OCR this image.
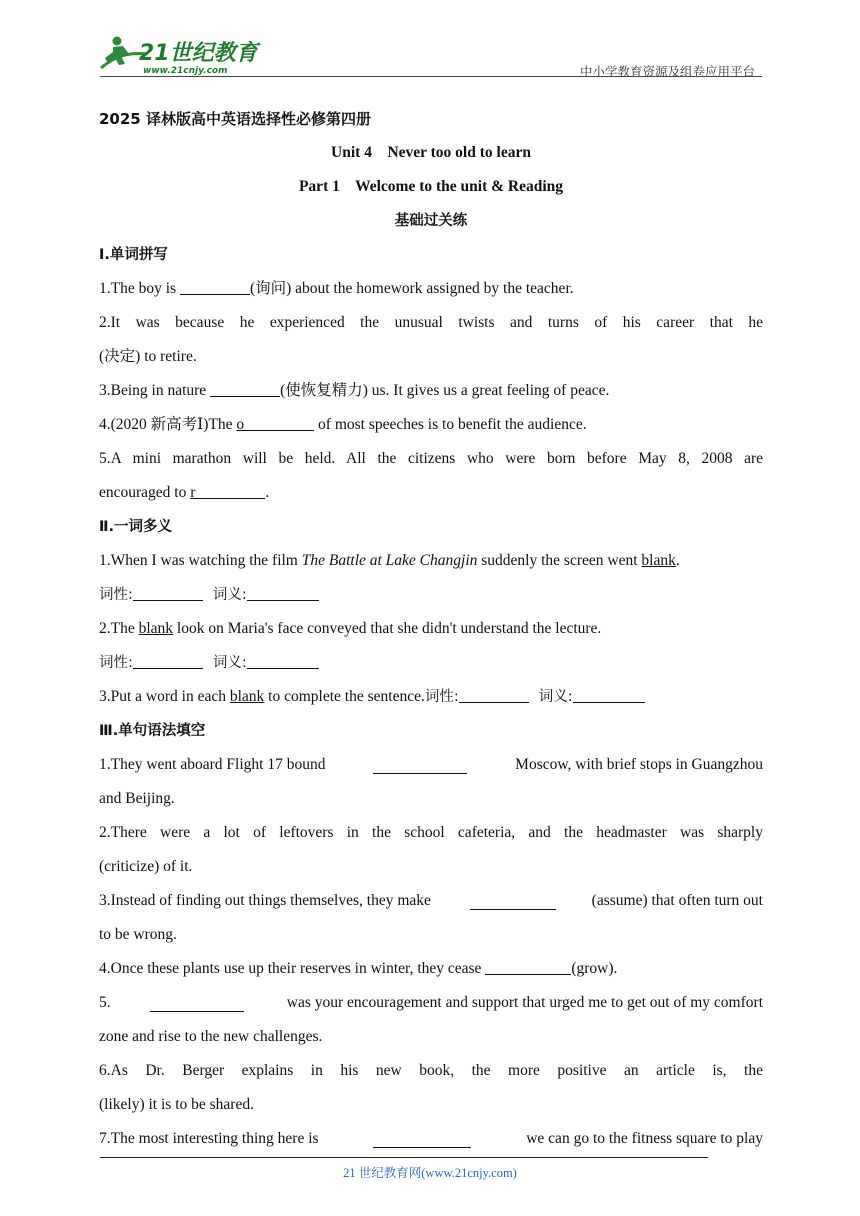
21世纪教育
www.21cnjy.com	中小学教育资源及组卷应用平台
2025 译林版高中英语选择性必修第四册
Unit 4    Never too old to learn
Part 1    Welcome to the unit & Reading
基础过关练
Ⅰ.单词拼写
1.The boy is	(询问) about the homework assigned by the teacher.
2.It was because he experienced the unusual twists and turns of his career that he
(决定) to retire.
3.Being in nature	(使恢复精力) us. It gives us a great feeling of peace.
4.(2020 新高考Ⅰ)The o	of most speeches is to benefit the audience.
5.A mini marathon will be held. All the citizens who were born before May 8, 2008 are
encouraged to r	.
Ⅱ.一词多义
1.When I was watching the film The Battle at Lake Changjin suddenly the screen went blank.
词性:	词义:
2.The blank look on Maria's face conveyed that she didn't understand the lecture.
词性:	词义:
3.Put a word in each blank to complete the sentence.词性:	词义:
Ⅲ.单句语法填空
1.They went aboard Flight 17 bound	Moscow, with brief stops in Guangzhou
and Beijing.
2.There were a lot of leftovers in the school cafeteria, and the headmaster was sharply
(criticize) of it.
3.Instead of finding out things themselves, they make	(assume) that often turn out
to be wrong.
4.Once these plants use up their reserves in winter, they cease	(grow).
5.	was your encouragement and support that urged me to get out of my comfort
zone and rise to the new challenges.
6.As Dr. Berger explains in his new book, the more positive an article is, the
(likely) it is to be shared.
7.The most interesting thing here is	we can go to the fitness square to play
21 世纪教育网(www.21cnjy.com)
